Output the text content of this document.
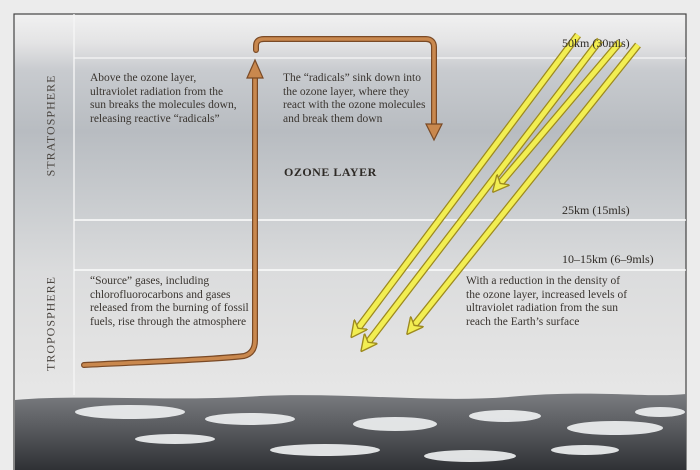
STRATOSPHERE
TROPOSPHERE
50km (30mls)
25km (15mls)
10–15km (6–9mls)

Above the ozone layer, ultraviolet radiation from the sun breaks the molecules down, releasing reactive “radicals”

The “radicals” sink down into the ozone layer, where they react with the ozone molecules and break them down

OZONE LAYER

“Source” gases, including chlorofluorocarbons and gases released from the burning of fossil fuels, rise through the atmosphere

With a reduction in the density of the ozone layer, increased levels of ultraviolet radiation from the sun reach the Earth’s surface
